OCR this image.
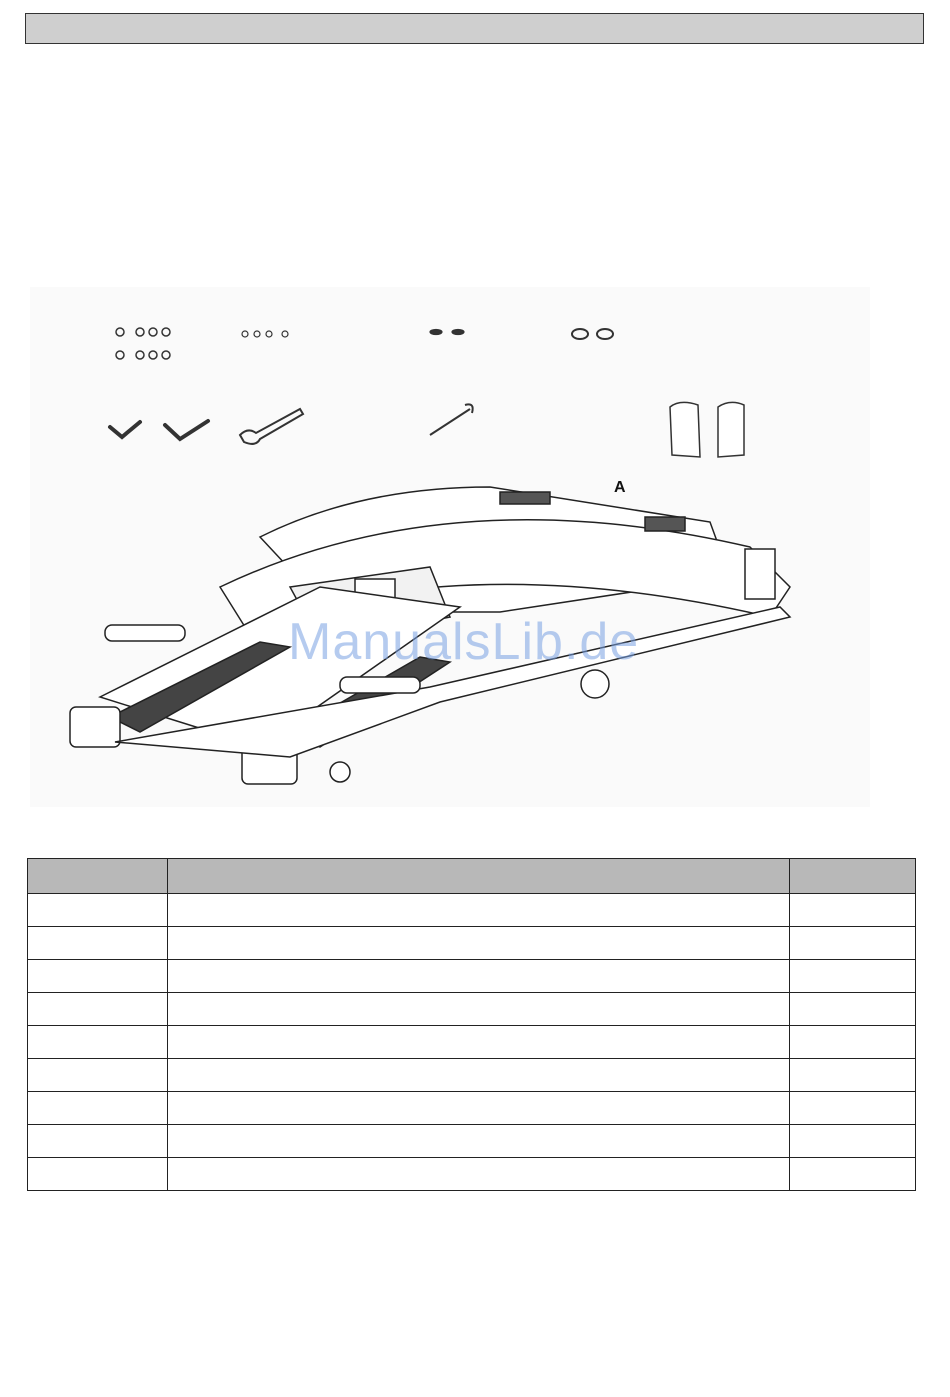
A
ManualsLib.de
